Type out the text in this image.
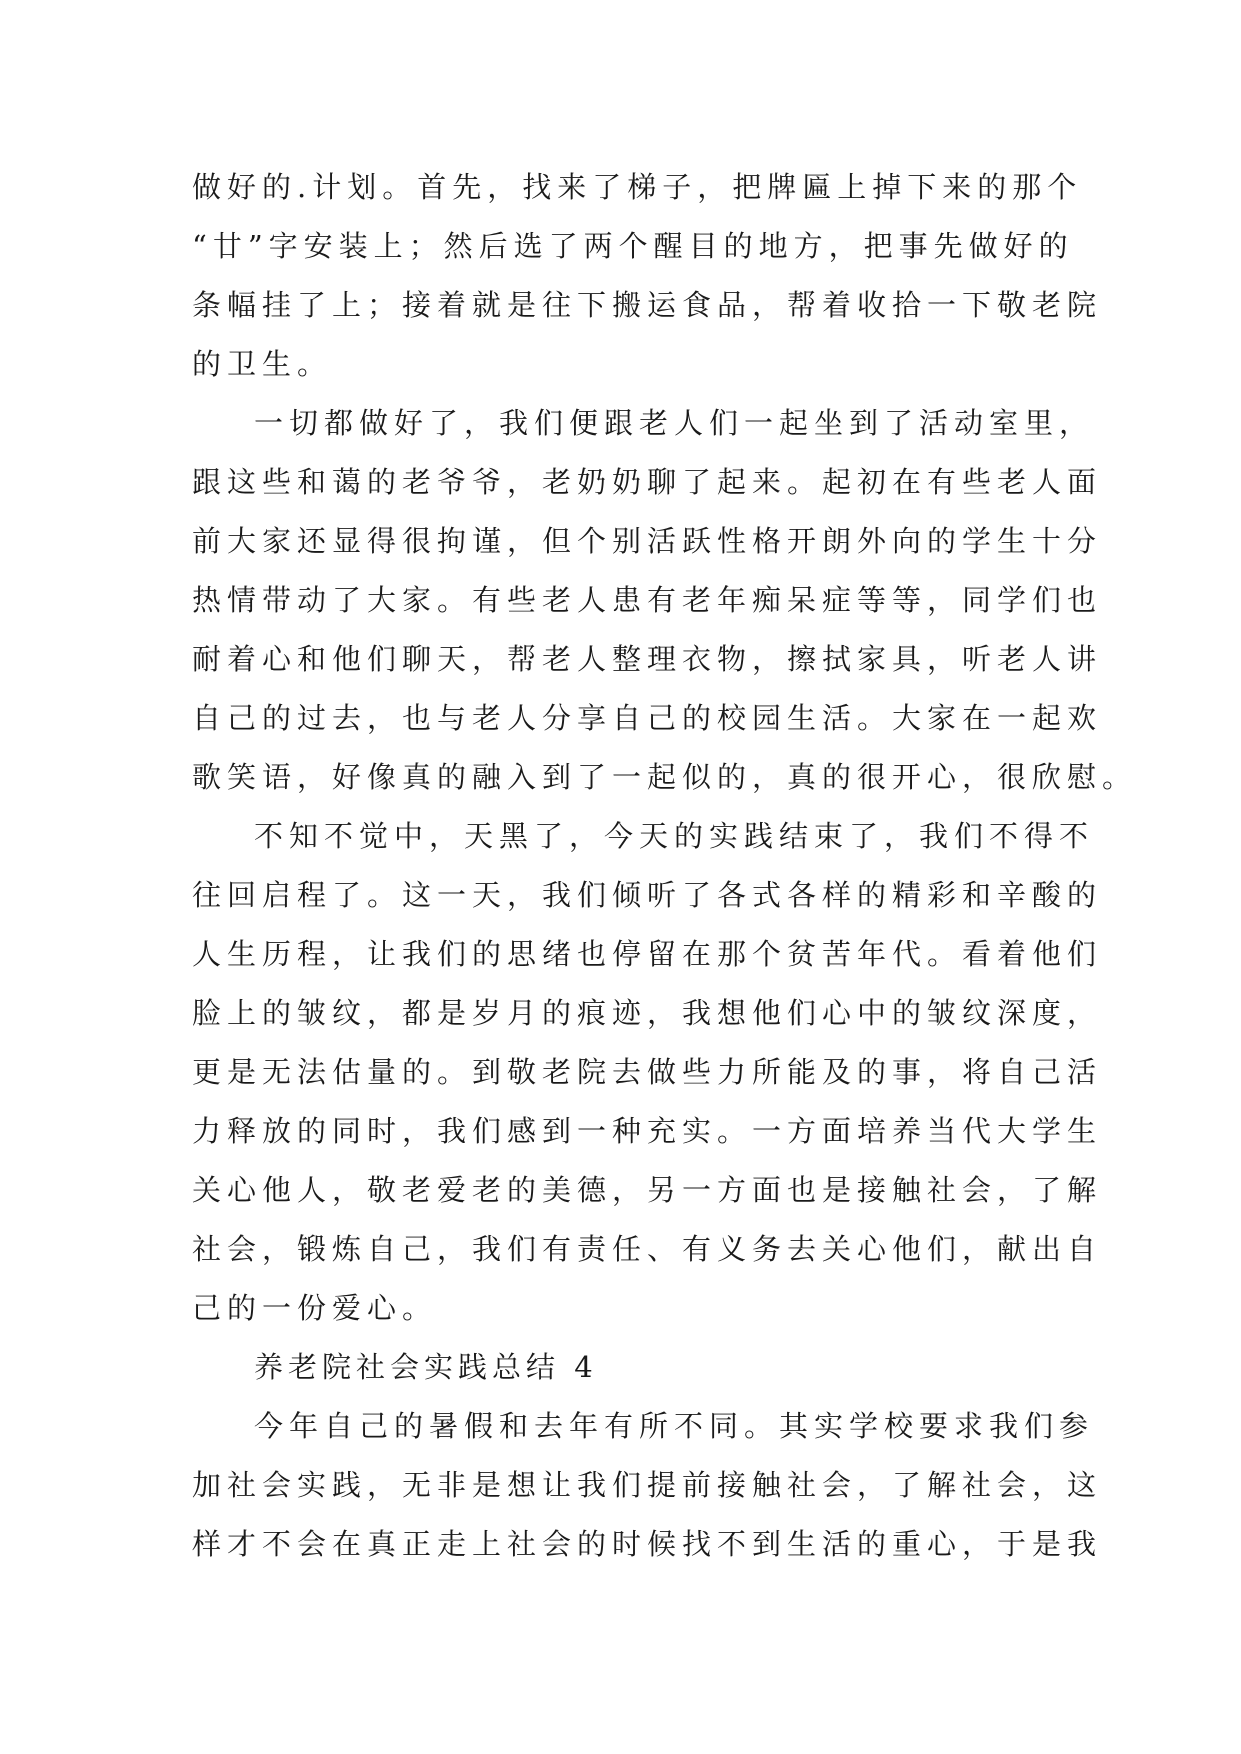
做好的.计划。首先，找来了梯子，把牌匾上掉下来的那个
“廿”字安装上；然后选了两个醒目的地方，把事先做好的
条幅挂了上；接着就是往下搬运食品，帮着收拾一下敬老院
的卫生。
一切都做好了，我们便跟老人们一起坐到了活动室里，
跟这些和蔼的老爷爷，老奶奶聊了起来。起初在有些老人面
前大家还显得很拘谨，但个别活跃性格开朗外向的学生十分
热情带动了大家。有些老人患有老年痴呆症等等，同学们也
耐着心和他们聊天，帮老人整理衣物，擦拭家具，听老人讲
自己的过去，也与老人分享自己的校园生活。大家在一起欢
歌笑语，好像真的融入到了一起似的，真的很开心，很欣慰。
不知不觉中，天黑了，今天的实践结束了，我们不得不
往回启程了。这一天，我们倾听了各式各样的精彩和辛酸的
人生历程，让我们的思绪也停留在那个贫苦年代。看着他们
脸上的皱纹，都是岁月的痕迹，我想他们心中的皱纹深度，
更是无法估量的。到敬老院去做些力所能及的事，将自己活
力释放的同时，我们感到一种充实。一方面培养当代大学生
关心他人，敬老爱老的美德，另一方面也是接触社会，了解
社会，锻炼自己，我们有责任、有义务去关心他们，献出自
己的一份爱心。
养老院社会实践总结 4
今年自己的暑假和去年有所不同。其实学校要求我们参
加社会实践，无非是想让我们提前接触社会，了解社会，这
样才不会在真正走上社会的时候找不到生活的重心，于是我
